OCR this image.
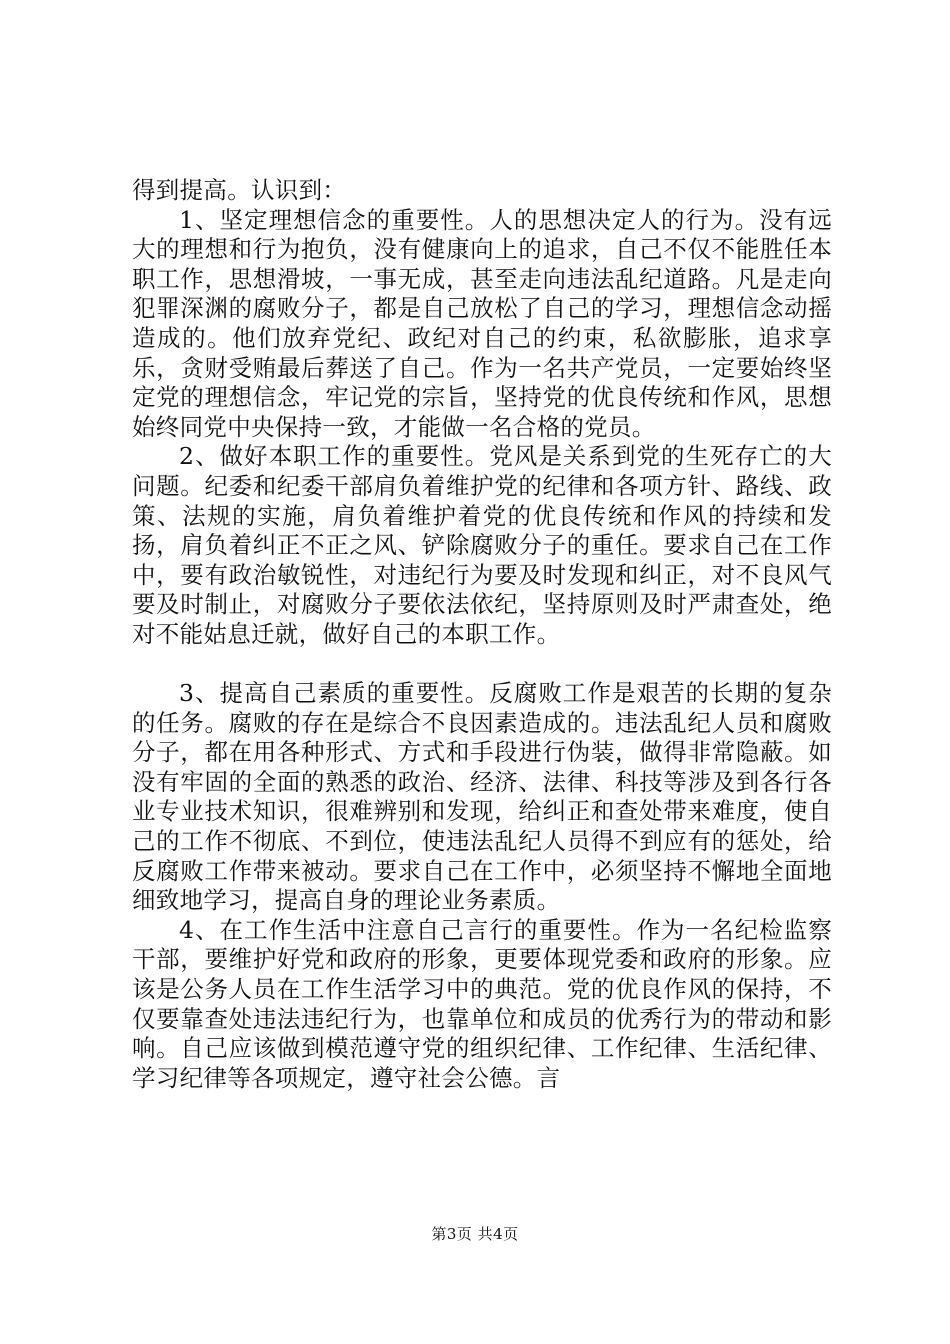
得到提高。认识到：

1、坚定理想信念的重要性。人的思想决定人的行为。没有远大的理想和行为抱负，没有健康向上的追求，自己不仅不能胜任本职工作，思想滑坡，一事无成，甚至走向违法乱纪道路。凡是走向犯罪深渊的腐败分子，都是自己放松了自己的学习，理想信念动摇造成的。他们放弃党纪、政纪对自己的约束，私欲膨胀，追求享乐，贪财受贿最后葬送了自己。作为一名共产党员，一定要始终坚定党的理想信念，牢记党的宗旨，坚持党的优良传统和作风，思想始终同党中央保持一致，才能做一名合格的党员。

2、做好本职工作的重要性。党风是关系到党的生死存亡的大问题。纪委和纪委干部肩负着维护党的纪律和各项方针、路线、政策、法规的实施，肩负着维护着党的优良传统和作风的持续和发扬，肩负着纠正不正之风、铲除腐败分子的重任。要求自己在工作中，要有政治敏锐性，对违纪行为要及时发现和纠正，对不良风气要及时制止，对腐败分子要依法依纪，坚持原则及时严肃查处，绝对不能姑息迁就，做好自己的本职工作。

3、提高自己素质的重要性。反腐败工作是艰苦的长期的复杂的任务。腐败的存在是综合不良因素造成的。违法乱纪人员和腐败分子，都在用各种形式、方式和手段进行伪装，做得非常隐蔽。如没有牢固的全面的熟悉的政治、经济、法律、科技等涉及到各行各业专业技术知识，很难辨别和发现，给纠正和查处带来难度，使自己的工作不彻底、不到位，使违法乱纪人员得不到应有的惩处，给反腐败工作带来被动。要求自己在工作中，必须坚持不懈地全面地细致地学习，提高自身的理论业务素质。

4、在工作生活中注意自己言行的重要性。作为一名纪检监察干部，要维护好党和政府的形象，更要体现党委和政府的形象。应该是公务人员在工作生活学习中的典范。党的优良作风的保持，不仅要靠查处违法违纪行为，也靠单位和成员的优秀行为的带动和影响。自己应该做到模范遵守党的组织纪律、工作纪律、生活纪律、学习纪律等各项规定，遵守社会公德。言

第3页 共4页
